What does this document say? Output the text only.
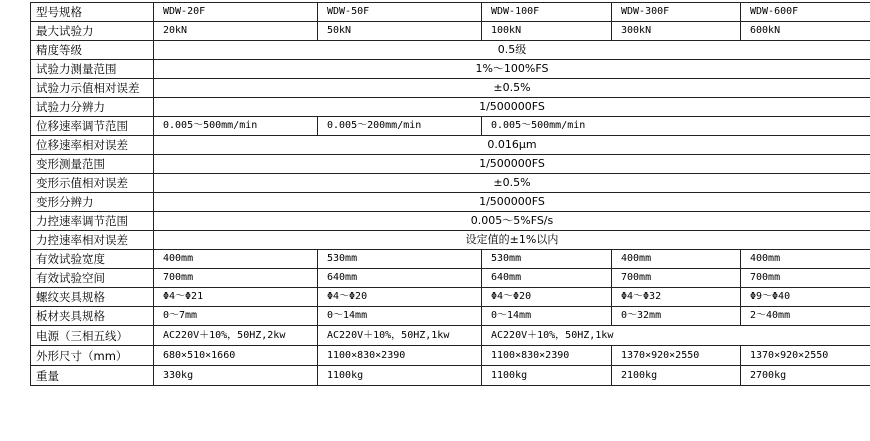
型号规格	WDW-20F	WDW-50F	WDW-100F	WDW-300F	WDW-600F
最大试验力	20kN	50kN	100kN	300kN	600kN
精度等级	0.5级				
试验力测量范围	1%～100%FS				
试验力示值相对误差	±0.5%				
试验力分辨力	1/500000FS				
位移速率调节范围	0.005～500mm/min	0.005～200mm/min	0.005～500mm/min		
位移速率相对误差	0.016μm				
变形测量范围	1/500000FS				
变形示值相对误差	±0.5%				
变形分辨力	1/500000FS				
力控速率调节范围	0.005～5%FS/s				
力控速率相对误差	设定值的±1%以内				
有效试验宽度	400mm	530mm	530mm	400mm	400mm
有效试验空间	700mm	640mm	640mm	700mm	700mm
螺纹夹具规格	Φ4～Φ21	Φ4～Φ20	Φ4～Φ20	Φ4～Φ32	Φ9～Φ40
板材夹具规格	0～7mm	0～14mm	0～14mm	0～32mm	2～40mm
电源（三相五线）	AC220V＋10%，50HZ,2kw	AC220V＋10%，50HZ,1kw	AC220V＋10%，50HZ,1kw		
外形尺寸（mm）	680×510×1660	1100×830×2390	1100×830×2390	1370×920×2550	1370×920×2550
重量	330kg	1100kg	1100kg	2100kg	2700kg
